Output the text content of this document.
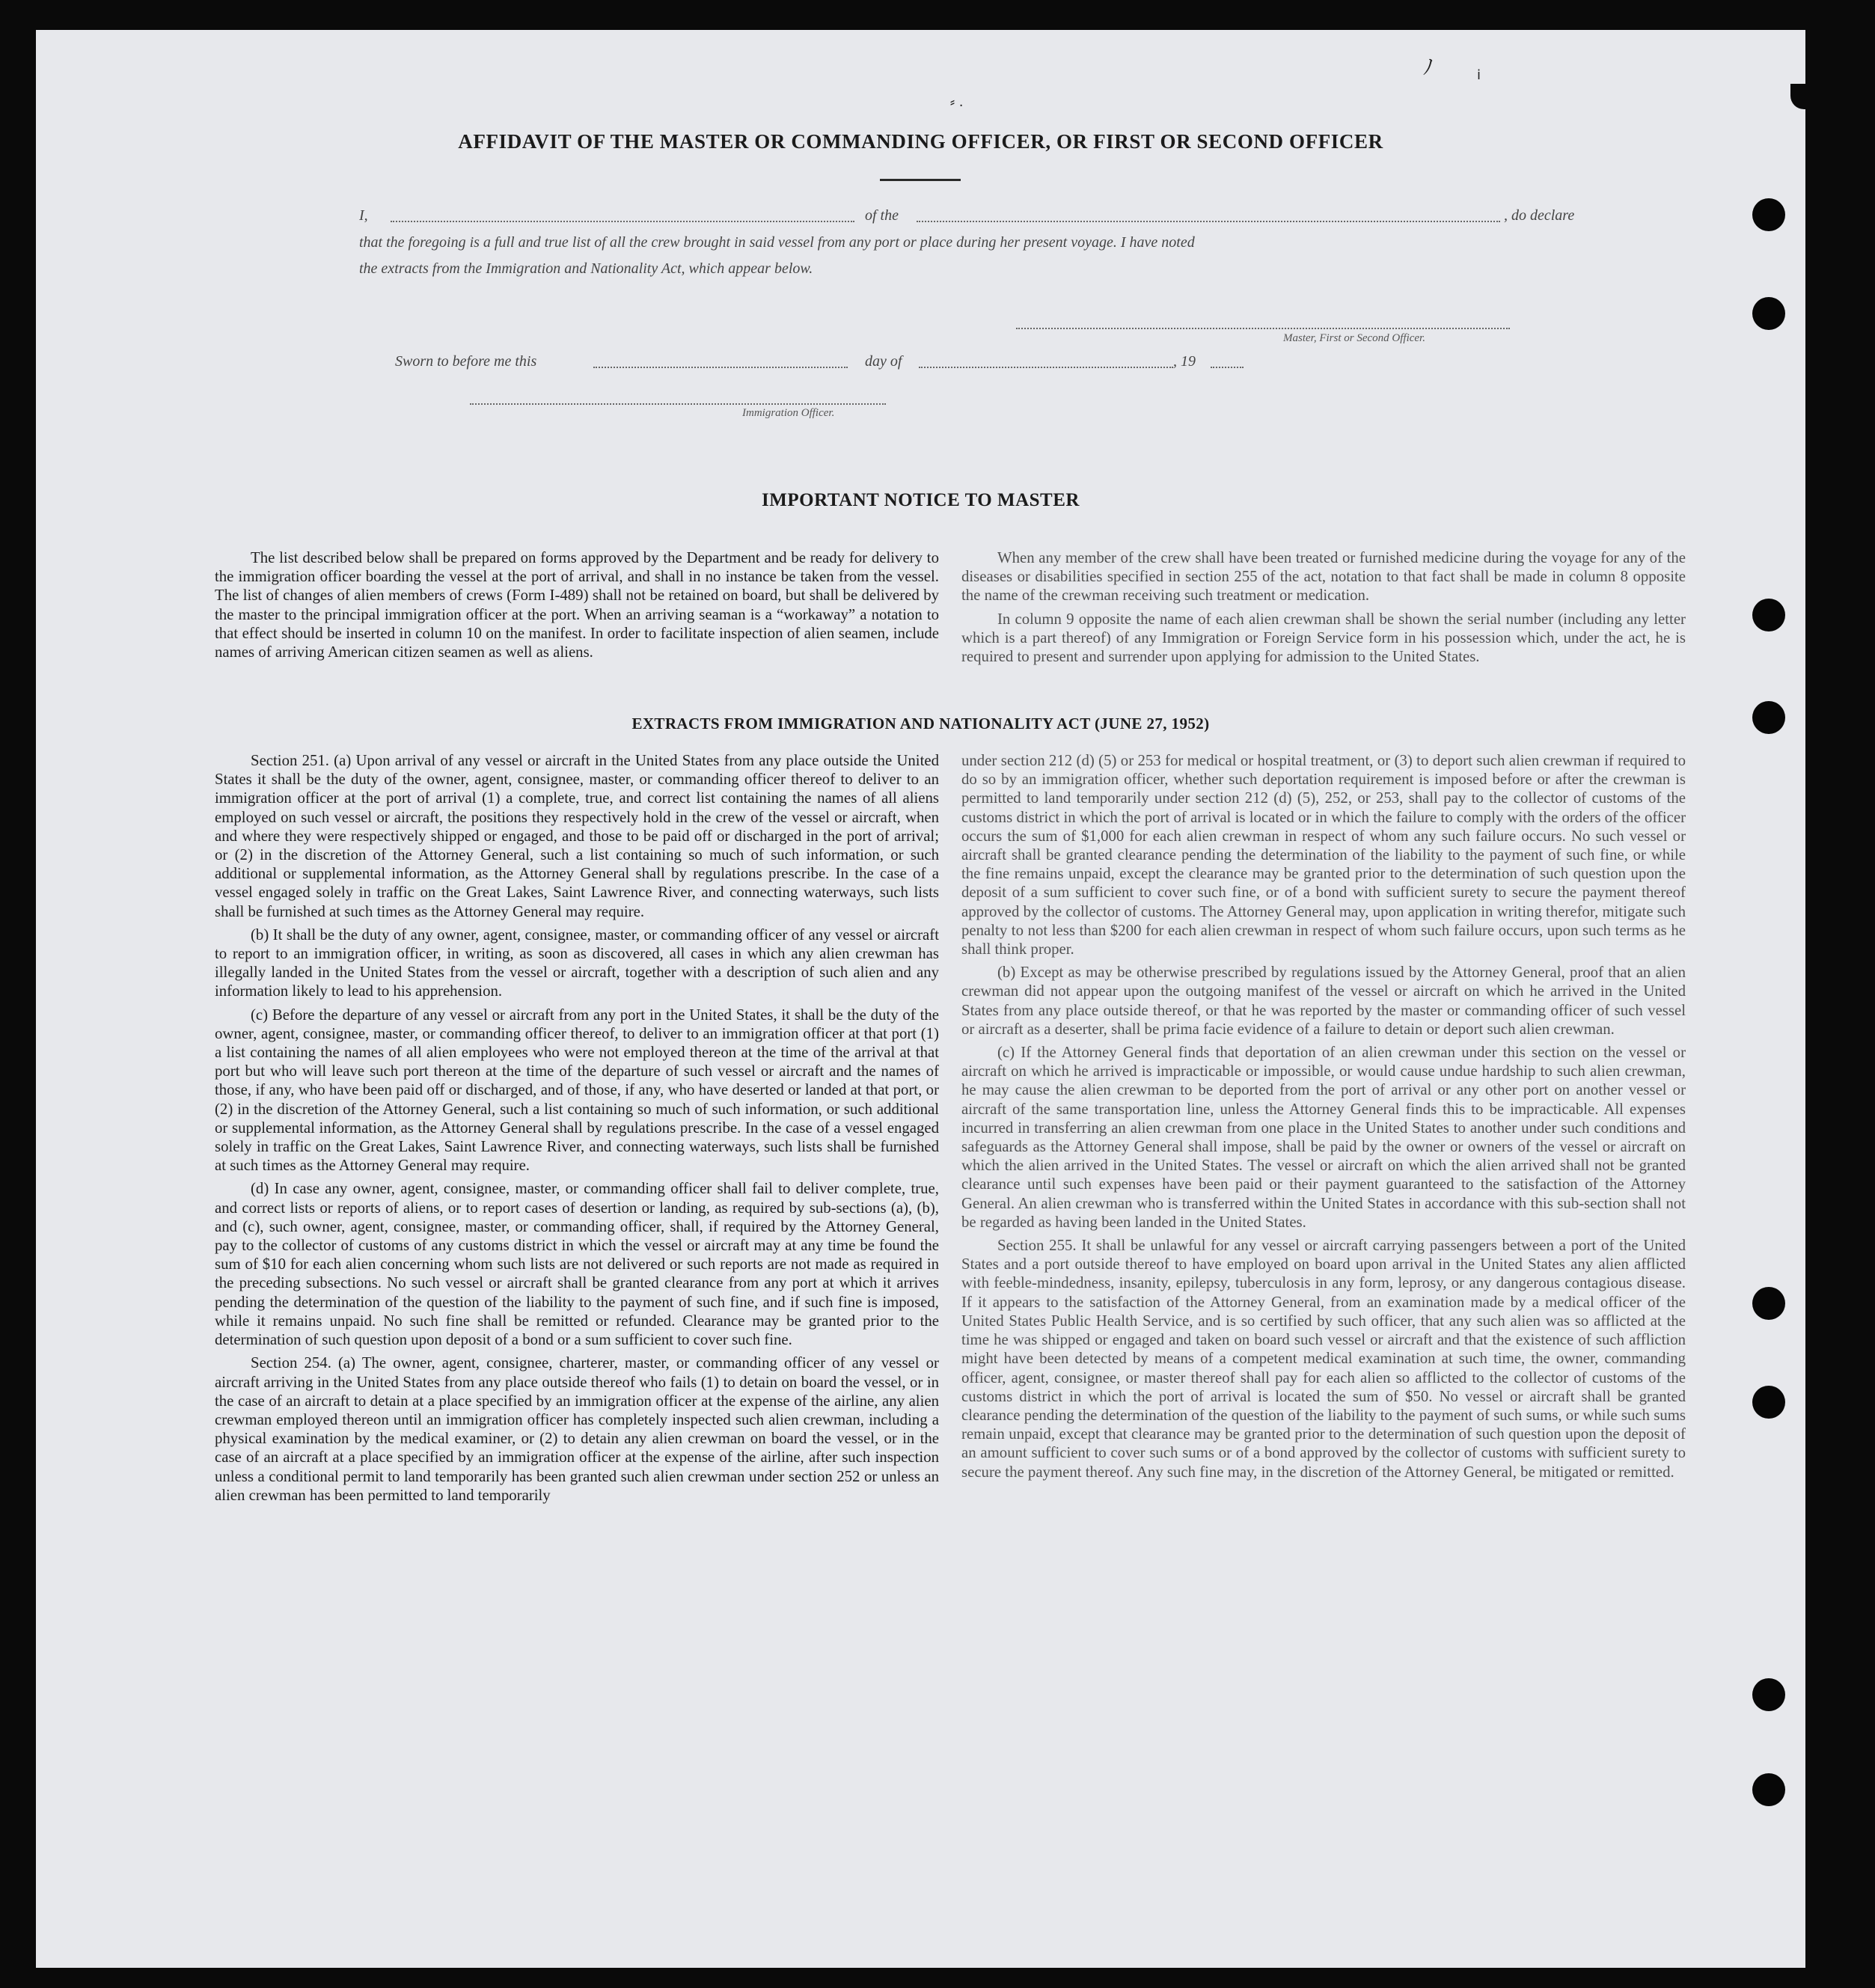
ﾉ	ⅰ
⸗ .
AFFIDAVIT OF THE MASTER OR COMMANDING OFFICER, OR FIRST OR SECOND OFFICER
I,	of the	, do declare
that the foregoing is a full and true list of all the crew brought in said vessel from any port or place during her present voyage. I have noted
the extracts from the Immigration and Nationality Act, which appear below.
Master, First or Second Officer.
Sworn to before me this	day of	, 19
Immigration Officer.
IMPORTANT NOTICE TO MASTER

The list described below shall be prepared on forms approved by the Department and be ready for delivery to the immigration officer boarding the vessel at the port of arrival, and shall in no instance be taken from the vessel. The list of changes of alien members of crews (Form I-489) shall not be retained on board, but shall be delivered by the master to the principal immigration officer at the port. When an arriving seaman is a “workaway” a notation to that effect should be inserted in column 10 on the manifest. In order to facilitate inspection of alien seamen, include names of arriving American citizen seamen as well as aliens.

When any member of the crew shall have been treated or furnished medicine during the voyage for any of the diseases or disabilities specified in section 255 of the act, notation to that fact shall be made in column 8 opposite the name of the crewman receiving such treatment or medication.

In column 9 opposite the name of each alien crewman shall be shown the serial number (including any letter which is a part thereof) of any Immigration or Foreign Service form in his possession which, under the act, he is required to present and surrender upon applying for admission to the United States.

EXTRACTS FROM IMMIGRATION AND NATIONALITY ACT (JUNE 27, 1952)

Section 251. (a) Upon arrival of any vessel or aircraft in the United States from any place outside the United States it shall be the duty of the owner, agent, consignee, master, or commanding officer thereof to deliver to an immigration officer at the port of arrival (1) a complete, true, and correct list containing the names of all aliens employed on such vessel or aircraft, the positions they respectively hold in the crew of the vessel or aircraft, when and where they were respectively shipped or engaged, and those to be paid off or discharged in the port of arrival; or (2) in the discretion of the Attorney General, such a list containing so much of such information, or such additional or supplemental information, as the Attorney General shall by regulations prescribe. In the case of a vessel engaged solely in traffic on the Great Lakes, Saint Lawrence River, and connecting waterways, such lists shall be furnished at such times as the Attorney General may require.

(b) It shall be the duty of any owner, agent, consignee, master, or commanding officer of any vessel or aircraft to report to an immigration officer, in writing, as soon as discovered, all cases in which any alien crewman has illegally landed in the United States from the vessel or aircraft, together with a description of such alien and any information likely to lead to his apprehension.

(c) Before the departure of any vessel or aircraft from any port in the United States, it shall be the duty of the owner, agent, consignee, master, or commanding officer thereof, to deliver to an immigration officer at that port (1) a list containing the names of all alien employees who were not employed thereon at the time of the arrival at that port but who will leave such port thereon at the time of the departure of such vessel or aircraft and the names of those, if any, who have been paid off or discharged, and of those, if any, who have deserted or landed at that port, or (2) in the discretion of the Attorney General, such a list containing so much of such information, or such additional or supplemental information, as the Attorney General shall by regulations prescribe. In the case of a vessel engaged solely in traffic on the Great Lakes, Saint Lawrence River, and connecting waterways, such lists shall be furnished at such times as the Attorney General may require.

(d) In case any owner, agent, consignee, master, or commanding officer shall fail to deliver complete, true, and correct lists or reports of aliens, or to report cases of desertion or landing, as required by sub-sections (a), (b), and (c), such owner, agent, consignee, master, or commanding officer, shall, if required by the Attorney General, pay to the collector of customs of any customs district in which the vessel or aircraft may at any time be found the sum of $10 for each alien concerning whom such lists are not delivered or such reports are not made as required in the preceding subsections. No such vessel or aircraft shall be granted clearance from any port at which it arrives pending the determination of the question of the liability to the payment of such fine, and if such fine is imposed, while it remains unpaid. No such fine shall be remitted or refunded. Clearance may be granted prior to the determination of such question upon deposit of a bond or a sum sufficient to cover such fine.

Section 254. (a) The owner, agent, consignee, charterer, master, or commanding officer of any vessel or aircraft arriving in the United States from any place outside thereof who fails (1) to detain on board the vessel, or in the case of an aircraft to detain at a place specified by an immigration officer at the expense of the airline, any alien crewman employed thereon until an immigration officer has completely inspected such alien crewman, including a physical examination by the medical examiner, or (2) to detain any alien crewman on board the vessel, or in the case of an aircraft at a place specified by an immigration officer at the expense of the airline, after such inspection unless a conditional permit to land temporarily has been granted such alien crewman under section 252 or unless an alien crewman has been permitted to land temporarily

under section 212 (d) (5) or 253 for medical or hospital treatment, or (3) to deport such alien crewman if required to do so by an immigration officer, whether such deportation requirement is imposed before or after the crewman is permitted to land temporarily under section 212 (d) (5), 252, or 253, shall pay to the collector of customs of the customs district in which the port of arrival is located or in which the failure to comply with the orders of the officer occurs the sum of $1,000 for each alien crewman in respect of whom any such failure occurs. No such vessel or aircraft shall be granted clearance pending the determination of the liability to the payment of such fine, or while the fine remains unpaid, except the clearance may be granted prior to the determination of such question upon the deposit of a sum sufficient to cover such fine, or of a bond with sufficient surety to secure the payment thereof approved by the collector of customs. The Attorney General may, upon application in writing therefor, mitigate such penalty to not less than $200 for each alien crewman in respect of whom such failure occurs, upon such terms as he shall think proper.

(b) Except as may be otherwise prescribed by regulations issued by the Attorney General, proof that an alien crewman did not appear upon the outgoing manifest of the vessel or aircraft on which he arrived in the United States from any place outside thereof, or that he was reported by the master or commanding officer of such vessel or aircraft as a deserter, shall be prima facie evidence of a failure to detain or deport such alien crewman.

(c) If the Attorney General finds that deportation of an alien crewman under this section on the vessel or aircraft on which he arrived is impracticable or impossible, or would cause undue hardship to such alien crewman, he may cause the alien crewman to be deported from the port of arrival or any other port on another vessel or aircraft of the same transportation line, unless the Attorney General finds this to be impracticable. All expenses incurred in transferring an alien crewman from one place in the United States to another under such conditions and safeguards as the Attorney General shall impose, shall be paid by the owner or owners of the vessel or aircraft on which the alien arrived in the United States. The vessel or aircraft on which the alien arrived shall not be granted clearance until such expenses have been paid or their payment guaranteed to the satisfaction of the Attorney General. An alien crewman who is transferred within the United States in accordance with this sub-section shall not be regarded as having been landed in the United States.

Section 255. It shall be unlawful for any vessel or aircraft carrying passengers between a port of the United States and a port outside thereof to have employed on board upon arrival in the United States any alien afflicted with feeble-mindedness, insanity, epilepsy, tuberculosis in any form, leprosy, or any dangerous contagious disease. If it appears to the satisfaction of the Attorney General, from an examination made by a medical officer of the United States Public Health Service, and is so certified by such officer, that any such alien was so afflicted at the time he was shipped or engaged and taken on board such vessel or aircraft and that the existence of such affliction might have been detected by means of a competent medical examination at such time, the owner, commanding officer, agent, consignee, or master thereof shall pay for each alien so afflicted to the collector of customs of the customs district in which the port of arrival is located the sum of $50. No vessel or aircraft shall be granted clearance pending the determination of the question of the liability to the payment of such sums, or while such sums remain unpaid, except that clearance may be granted prior to the determination of such question upon the deposit of an amount sufficient to cover such sums or of a bond approved by the collector of customs with sufficient surety to secure the payment thereof. Any such fine may, in the discretion of the Attorney General, be mitigated or remitted.
